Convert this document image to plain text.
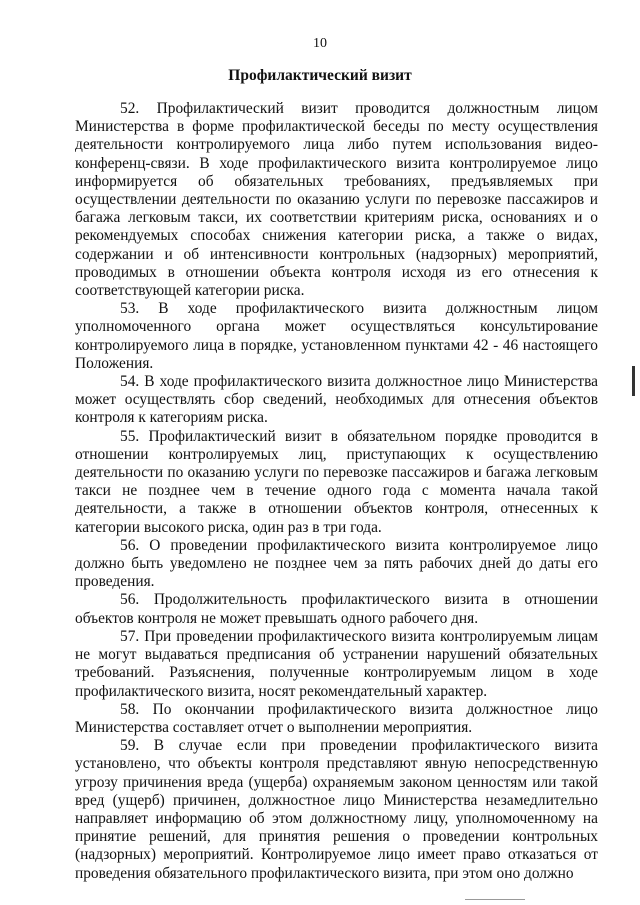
10
Профилактический визит

52. Профилактический визит проводится должностным лицом Министерства в форме профилактической беседы по месту осуществления деятельности контролируемого лица либо путем использования видео-конференц-связи. В ходе профилактического визита контролируемое лицо информируется об обязательных требованиях, предъявляемых при осуществлении деятельности по оказанию услуги по перевозке пассажиров и багажа легковым такси, их соответствии критериям риска, основаниях и о рекомендуемых способах снижения категории риска, а также о видах, содержании и об интенсивности контрольных (надзорных) мероприятий, проводимых в отношении объекта контроля исходя из его отнесения к соответствующей категории риска.

53. В ходе профилактического визита должностным лицом уполномоченного органа может осуществляться консультирование контролируемого лица в порядке, установленном пунктами 42 - 46 настоящего Положения.

54. В ходе профилактического визита должностное лицо Министерства может осуществлять сбор сведений, необходимых для отнесения объектов контроля к категориям риска.

55. Профилактический визит в обязательном порядке проводится в отношении контролируемых лиц, приступающих к осуществлению деятельности по оказанию услуги по перевозке пассажиров и багажа легковым такси не позднее чем в течение одного года с момента начала такой деятельности, а также в отношении объектов контроля, отнесенных к категории высокого риска, один раз в три года.

56. О проведении профилактического визита контролируемое лицо должно быть уведомлено не позднее чем за пять рабочих дней до даты его проведения.

56. Продолжительность профилактического визита в отношении объектов контроля не может превышать одного рабочего дня.

57. При проведении профилактического визита контролируемым лицам не могут выдаваться предписания об устранении нарушений обязательных требований. Разъяснения, полученные контролируемым лицом в ходе профилактического визита, носят рекомендательный характер.

58. По окончании профилактического визита должностное лицо Министерства составляет отчет о выполнении мероприятия.

59. В случае если при проведении профилактического визита установлено, что объекты контроля представляют явную непосредственную угрозу причинения вреда (ущерба) охраняемым законом ценностям или такой вред (ущерб) причинен, должностное лицо Министерства незамедлительно направляет информацию об этом должностному лицу, уполномоченному на принятие решений, для принятия решения о проведении контрольных (надзорных) мероприятий. Контролируемое лицо имеет право отказаться от проведения обязательного профилактического визита, при этом оно должно
